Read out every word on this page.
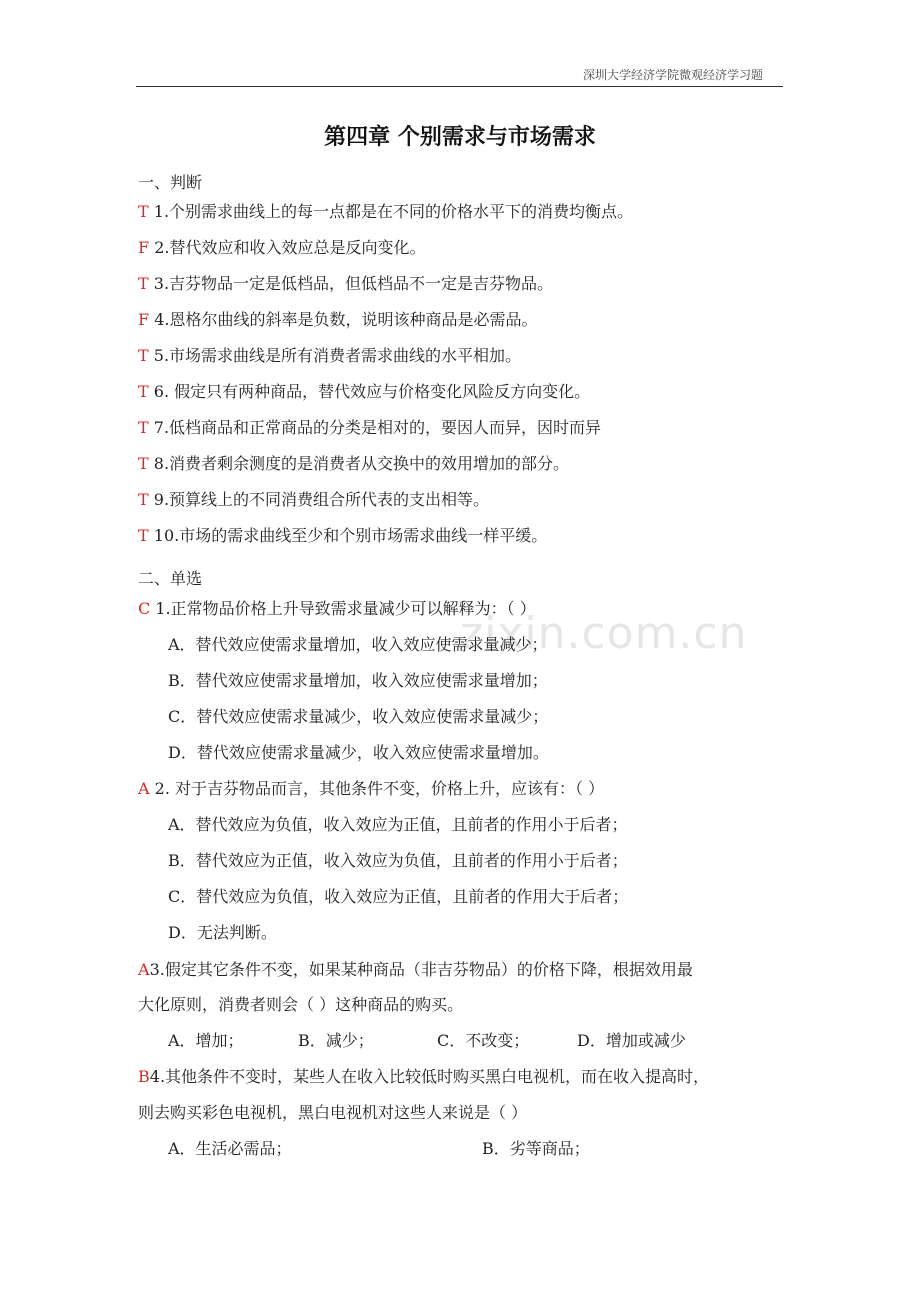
深圳大学经济学院微观经济学习题
zixin.com.cn
第四章 个别需求与市场需求
一、判断
T 1.个别需求曲线上的每一点都是在不同的价格水平下的消费均衡点。
F 2.替代效应和收入效应总是反向变化。
T 3.吉芬物品一定是低档品，但低档品不一定是吉芬物品。
F 4.恩格尔曲线的斜率是负数，说明该种商品是必需品。
T 5.市场需求曲线是所有消费者需求曲线的水平相加。
T 6. 假定只有两种商品，替代效应与价格变化风险反方向变化。
T 7.低档商品和正常商品的分类是相对的，要因人而异，因时而异
T 8.消费者剩余测度的是消费者从交换中的效用增加的部分。
T 9.预算线上的不同消费组合所代表的支出相等。
T 10.市场的需求曲线至少和个别市场需求曲线一样平缓。
二、单选
C 1.正常物品价格上升导致需求量减少可以解释为：（ ）
A．替代效应使需求量增加，收入效应使需求量减少；
B．替代效应使需求量增加，收入效应使需求量增加；
C．替代效应使需求量减少，收入效应使需求量减少；
D．替代效应使需求量减少，收入效应使需求量增加。
A 2. 对于吉芬物品而言，其他条件不变，价格上升，应该有：（ ）
A．替代效应为负值，收入效应为正值，且前者的作用小于后者；
B．替代效应为正值，收入效应为负值，且前者的作用小于后者；
C．替代效应为负值，收入效应为正值，且前者的作用大于后者；
D．无法判断。
A3.假定其它条件不变，如果某种商品（非吉芬物品）的价格下降，根据效用最
大化原则，消费者则会（ ）这种商品的购买。
A．增加；	B．减少；	C．不改变；	D．增加或减少
B4.其他条件不变时，某些人在收入比较低时购买黑白电视机，而在收入提高时，
则去购买彩色电视机，黑白电视机对这些人来说是（ ）
A．生活必需品；	B．劣等商品；
